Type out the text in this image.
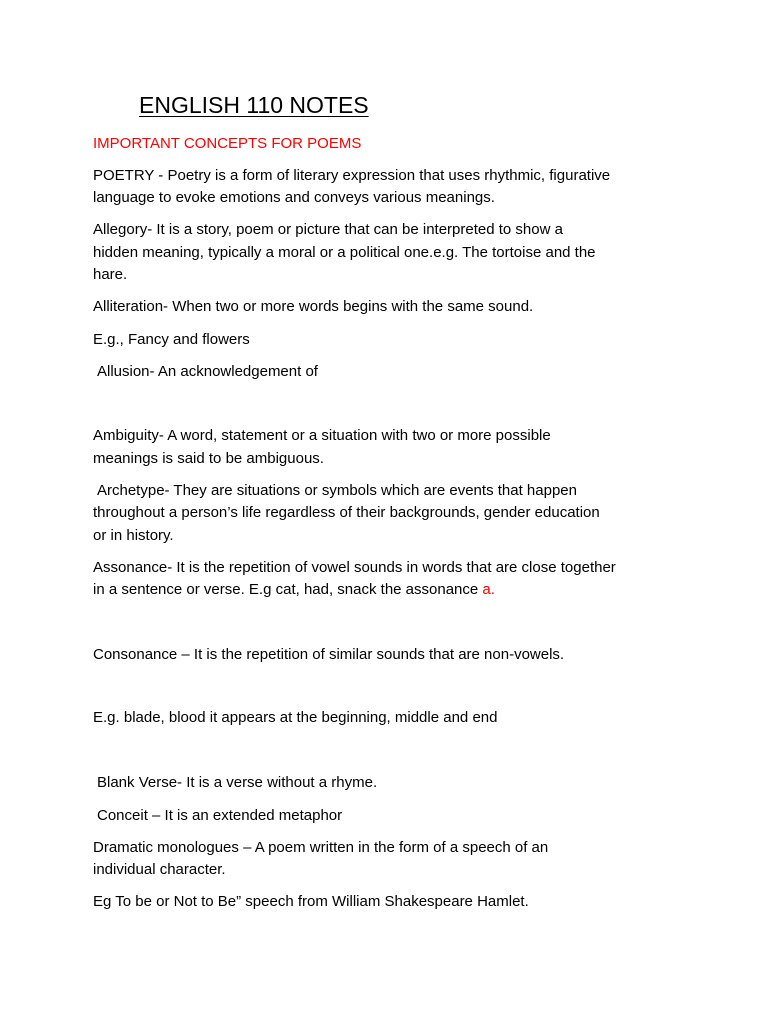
ENGLISH 110 NOTES

IMPORTANT CONCEPTS FOR POEMS

POETRY - Poetry is a form of literary expression that uses rhythmic, figurative

language to evoke emotions and conveys various meanings.

Allegory- It is a story, poem or picture that can be interpreted to show a

hidden meaning, typically a moral or a political one.e.g. The tortoise and the

hare.

Alliteration- When two or more words begins with the same sound.

E.g., Fancy and flowers

Allusion- An acknowledgement of

Ambiguity- A word, statement or a situation with two or more possible

meanings is said to be ambiguous.

Archetype- They are situations or symbols which are events that happen

throughout a person’s life regardless of their backgrounds, gender education

or in history.

Assonance- It is the repetition of vowel sounds in words that are close together

in a sentence or verse. E.g cat, had, snack the assonance a.

Consonance – It is the repetition of similar sounds that are non-vowels.

E.g. blade, blood it appears at the beginning, middle and end

Blank Verse- It is a verse without a rhyme.

Conceit – It is an extended metaphor

Dramatic monologues – A poem written in the form of a speech of an

individual character.

Eg To be or Not to Be” speech from William Shakespeare Hamlet.
